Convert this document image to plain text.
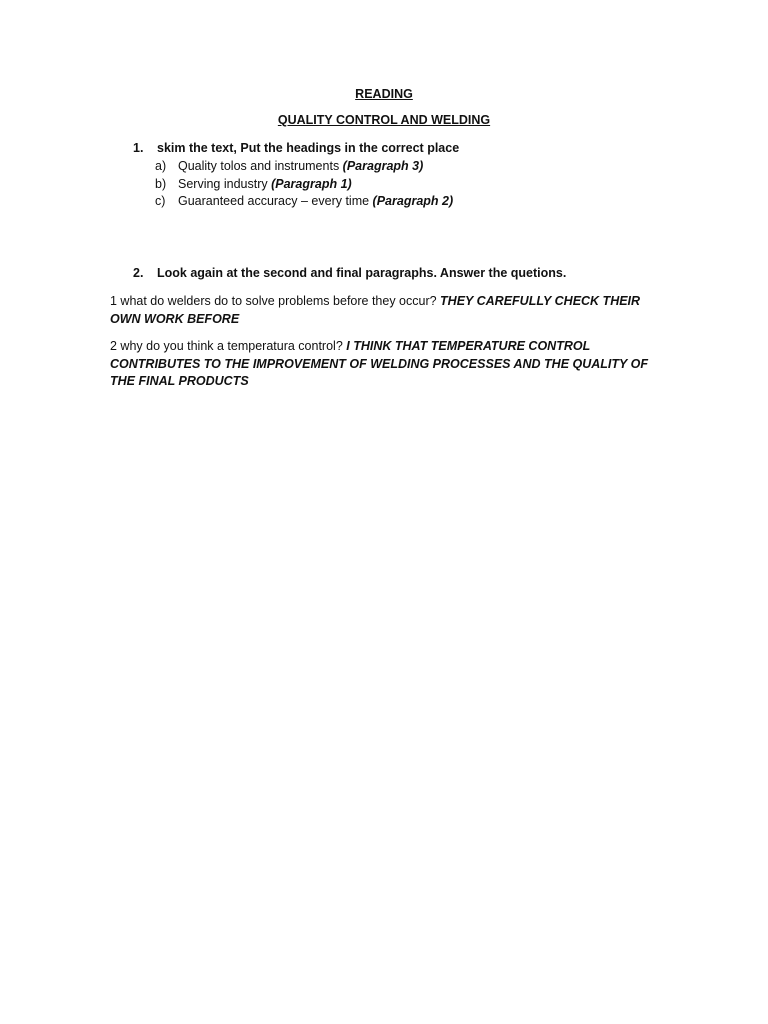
READING
QUALITY CONTROL AND WELDING
1. skim the text, Put the headings in the correct place
a) Quality tolos and instruments (Paragraph 3)
b) Serving industry (Paragraph 1)
c) Guaranteed accuracy – every time (Paragraph 2)
2. Look again at the second and final paragraphs. Answer the quetions.
1 what do welders do to solve problems before they occur? THEY CAREFULLY CHECK THEIR OWN WORK BEFORE
2 why do you think a temperatura control? I THINK THAT TEMPERATURE CONTROL CONTRIBUTES TO THE IMPROVEMENT OF WELDING PROCESSES AND THE QUALITY OF THE FINAL PRODUCTS
